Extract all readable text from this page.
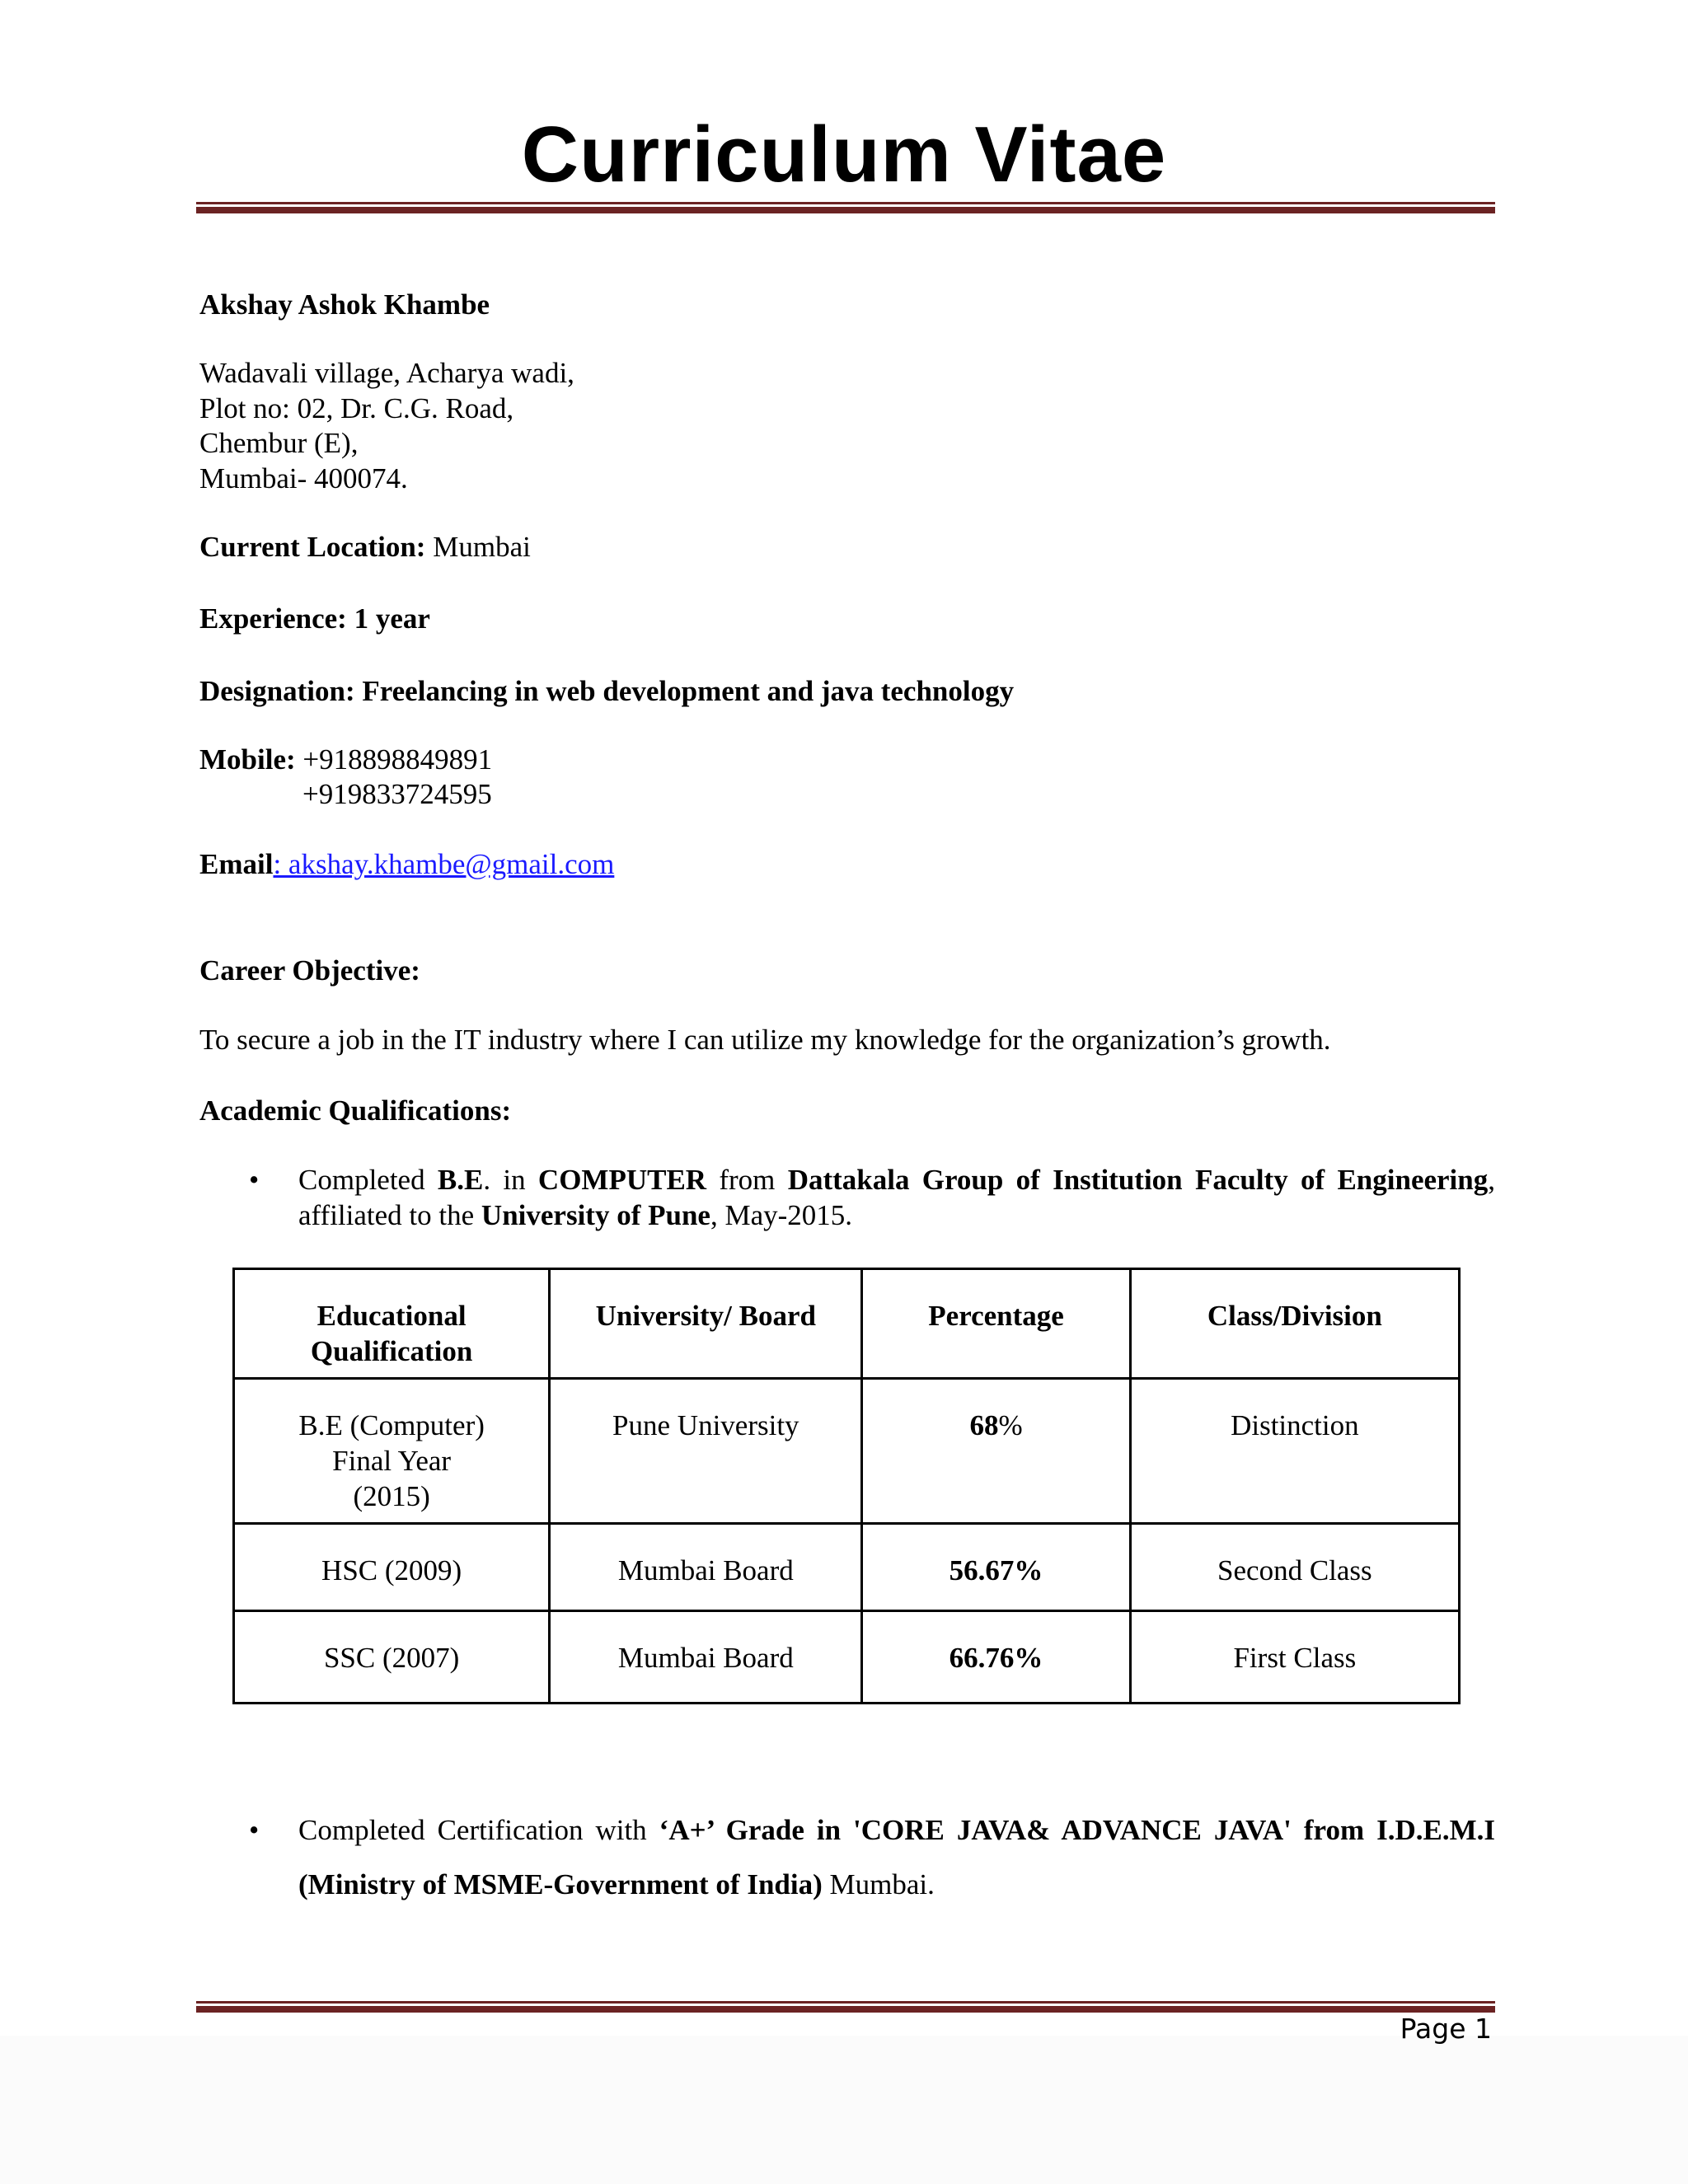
Curriculum Vitae
Akshay Ashok Khambe
Wadavali village, Acharya wadi,
Plot no: 02, Dr. C.G. Road,
Chembur (E),
Mumbai- 400074.
Current Location: Mumbai
Experience: 1 year
Designation: Freelancing in web development and java technology
Mobile: +918898849891
+919833724595
Email: akshay.khambe@gmail.com
Career Objective:
To secure a job in the IT industry where I can utilize my knowledge for the organization’s growth.
Academic Qualifications:
• Completed B.E. in COMPUTER from Dattakala Group of Institution Faculty of Engineering, affiliated to the University of Pune, May-2015.
Educational Qualification	University/ Board	Percentage	Class/Division

B.E (Computer)
Final Year
(2015)	Pune University	68%	Distinction
HSC (2009)	Mumbai Board	56.67%	Second Class
SSC (2007)	Mumbai Board	66.76%	First Class
• Completed Certification with ‘A+’ Grade in 'CORE JAVA& ADVANCE JAVA' from I.D.E.M.I (Ministry of MSME-Government of India) Mumbai.
Page 1
